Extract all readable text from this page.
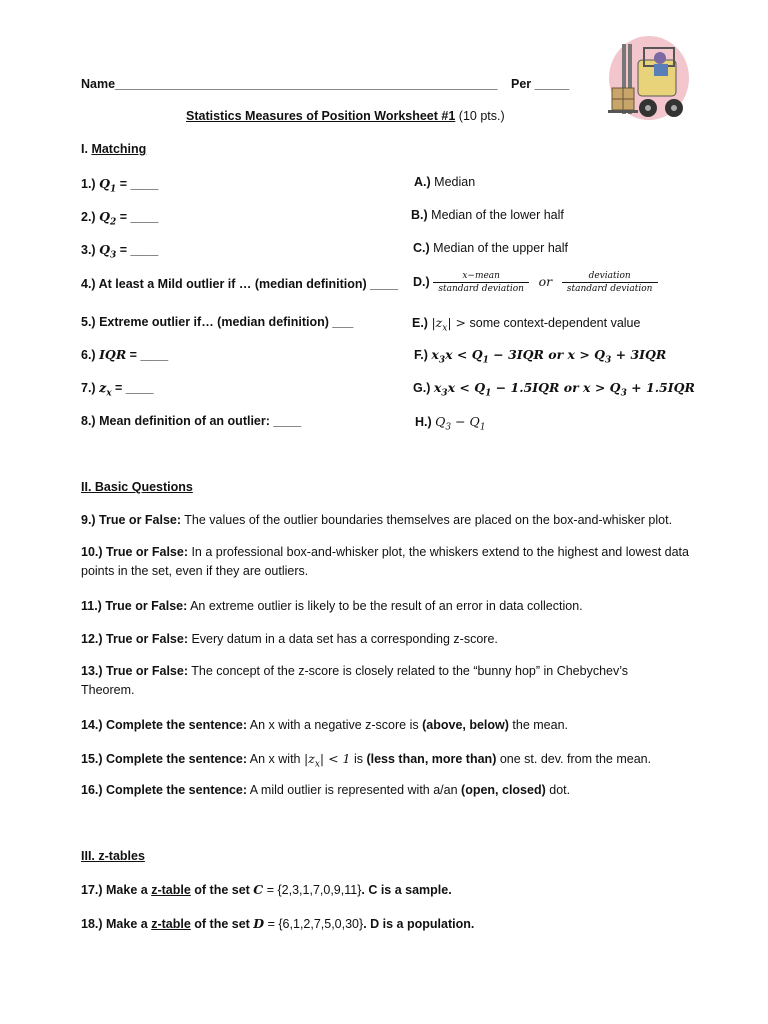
Name_______________________________________________________ Per _____
Statistics Measures of Position Worksheet #1 (10 pts.)
I. Matching
1.) $Q_1$ = ____
2.) $Q_2$ = ____
3.) $Q_3$ = ____
4.) At least a Mild outlier if … (median definition) ____
5.) Extreme outlier if… (median definition) ___
6.) IQR = ____
7.) $z_x$ = ____
8.) Mean definition of an outlier: ____
A.) Median
B.) Median of the lower half
C.) Median of the upper half
$D.) \frac{\text{x−mean}}{\text{standard deviation}}$ or $\frac{\text{deviation}}{\text{standard deviation}}$
E.) $|z_x|$ > some context-dependent value
F.) $x_3x < Q_1 - 3IQR$ or $x > Q_3 + 3IQR$
G.) $x_3x < Q_1 - 1.5IQR$ or $x > Q_3 + 1.5IQR$
H.) $Q_3 - Q_1$
II. Basic Questions
9.) True or False: The values of the outlier boundaries themselves are placed on the box-and-whisker plot.
10.) True or False: In a professional box-and-whisker plot, the whiskers extend to the highest and lowest data points in the set, even if they are outliers.
11.) True or False: An extreme outlier is likely to be the result of an error in data collection.
12.) True or False: Every datum in a data set has a corresponding z-score.
13.) True or False: The concept of the z-score is closely related to the “bunny hop” in Chebychev’s Theorem.
14.) Complete the sentence: An x with a negative z-score is (above, below) the mean.
15.) Complete the sentence: An x with $|z_x| < 1$ is (less than, more than) one st. dev. from the mean.
16.) Complete the sentence: A mild outlier is represented with a/an (open, closed) dot.
III. z-tables
17.) Make a z-table of the set C = {2,3,1,7,0,9,11}. C is a sample.
18.) Make a z-table of the set D = {6,1,2,7,5,0,30}. D is a population.
